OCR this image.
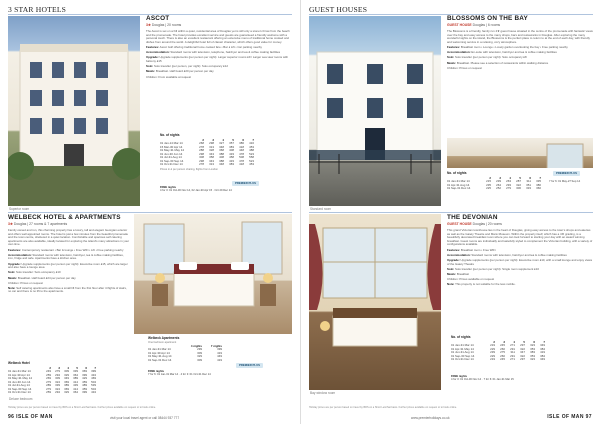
3 STAR HOTELS
Superior room
ASCOT
3★ Douglas | 20 rooms

The Ascot is set on a hill within a quiet, residential area of Douglas yet is still only a stone's throw from the beach and the promenade. The hotel provides excellent service and guests are guaranteed a friendly welcome with a personal touch. There is also an excellent restaurant offering an extensive menu of traditional home cooked and dishes from around the world. A delightful hotel full of classic character, which offers good value for money.

Features: Ascot Golf offering traditional home cooked fare • Bar ♦ Lift • Car parking nearby

Accommodation: Standard rooms with television, telephone, hairdryer and tea & coffee making facilities

Upgrade: Upgrade supplements (per person per night): Larger superior rooms £9 / Larger sea view rooms with balcony £15

Solo: Solo traveller (per person, per night): Solo occupancy £12

Meals: Breakfast. Half board £20 per person per day

Children: From available at request

No. of nights
2	3	4	5	6	7
01 Jan-14 Mar 14	268	298	327	357	386	416
15 Mar-30 Apr 14	278	313	348	383	418	453
01 May-31 May 14	288	328	368	408	448	488
01 Jun-30 Jun 14	298	343	388	433	478	523
01 Jul-31 Aug 14	308	358	408	458	508	558
01 Sep-30 Sep 14	298	343	388	433	478	523
01 Oct-31 Dec 14	278	313	348	383	418	453
Prices in £ per person sharing, flights from London
PREMIER PLUS
FREE nights
4 for 3: 01 Oct-30 Nov 14, 02 Jan-30 Apr 15 · Oct 29 Dec 14
WELBECK HOTEL & APARTMENTS
3★ Douglas | 27 rooms & 7 apartments

Family owned and run, this charming property has a luxury, tall and elegant Georgian exterior and offers well appointed rooms. The hotel is just a few minutes from the beautiful promenade and the town centre, sheltered in a quiet location. Comfortable and spacious self catering apartments are also available, ideally located for exploring the island's many attractions in your own time.

Features: Contemporary restaurant • Bar & lounge • Free WiFi • Lift • Free parking nearby

Accommodation: Standard rooms with television, hairdryer, tea & coffee making facilities, iron, fridge and safe. Apartments have a kitchen area.

Upgrade: Upgrade supplements (per person per night): Executive room £15, which are larger and also have a lounge area

Solo: Solo traveller: Solo occupancy £10

Meals: Breakfast. Half board £24 per person per day

Children: Prices on request

Note: Self catering apartments also have a small lift from the first floor after 4 flights of stairs, no car and there is no lift to the apartments.

Welbeck Hotel
2	3	4	5	6	7
01 Jan-31 Mar 14	249	279	309	339	369	399
01 Apr-30 Apr 14	259	294	329	364	399	434
01 May-31 May 14	269	309	349	389	429	469
01 Jun-30 Jun 14	279	324	369	414	459	504
01 Jul-31 Aug 14	289	339	389	439	489	539
01 Sep-30 Sep 14	279	324	369	414	459	504
01 Oct-31 Dec 14	259	294	329	364	399	434
Welbeck Apartments
One bedroom apartment
4 nights	7 nights
01 Jan-31 Mar 14	299	399
01 Apr-30 Apr 14	309	419
01 May-31 Aug 14	329	449
01 Sep-31 Dec 14	309	419
PREMIER PLUS
FREE nights
7 for 6: 01 Jan-31 Mar 14 · 4 for 3: 01 Oct-31 Dec 14
Deluxe bedroom
Holiday prices are per person based on travel by BRS on a Short Lets/Sat basis. Further prices available on request or to book online.
96 ISLE OF MAN	visit your local travel agent or call 08444 937 777
GUEST HOUSES
Standard room
BLOSSOMS ON THE BAY
GUEST HOUSE Douglas | 6 rooms

The Blossoms is a friendly, family run 4★ guest house situated in the centre of the promenade with fantastic views over the bay and easy access to the many shops, bars and restaurants in Douglas. After exploring the many wonderful sights on the island, the Blossoms is the perfect place to return to at the end of each day, with friendly and welcoming service in a relaxing, cozy atmosphere.

Features: Breakfast room • Lounge • Lovely garden overlooking the bay • Free parking nearby

Accommodation: En-suite with television, hairdryer and tea & coffee making facilities

Solo: Solo traveller (per person per night): Solo occupancy £8

Meals: Breakfast. Please see a selection of restaurants within walking distance

Children: Prices on request

Bay window room
THE DEVONIAN
GUEST HOUSE Douglas | 20 rooms

This grand Victorian townhouse lies in the heart of Douglas, giving easy access to the town's shops and eateries as well as the Gaiety Theatre and Manx Museum. Within the property itself, which has a 4★ grading, is a beautifully decorated breakfast room where you can look forward to starting your day with an award winning breakfast. Guest rooms are individually and tastefully styled to complement the Victorian building, with a variety of configurations available.

Features: Breakfast room • Free WiFi

Accommodation: Standard rooms with television, hairdryer and tea & coffee making facilities

Upgrade: Upgrade supplements (per person per night): Executive room £10, with a small lounge and enjoy views of the Gaiety Theatre

Solo: Solo traveller (per person per night): Single room supplement £10

Meals: Breakfast

Children: Prices available on request

Note: This property is not suitable for the less mobile.

No. of nights
2	3	4	5	6	7
01 Jan-31 Mar 14	219	245	271	297	323	349
01 Apr-31 May 14	229	260	291	322	353	384
01 Jun-31 Aug 14	239	275	311	347	383	419
01 Sep-30 Sep 14	229	260	291	322	353	384
01 Oct-31 Dec 14	219	245	271	297	323	349
FREE nights
4 for 3: 01 Oct-30 Nov 14 · 7 for 6: 01 Jan-31 Mar 15
Holiday prices are per person based on travel by BRS on a Short Lets/Sat basis. Further prices available on request or to book online.
www.premierholidays.co.uk	ISLE OF MAN 97
No. of nights
2	3	4	5	6	7
01 Jan-31 Mar 14	215	239	263	287	311	335
01 Apr-31 Aug 14	235	264	293	322	351	380
01 Sep-31 Dec 14	225	252	279	306	333	360
PREMIER PLUS
7 for 6: 01 May-27 Sep 14
